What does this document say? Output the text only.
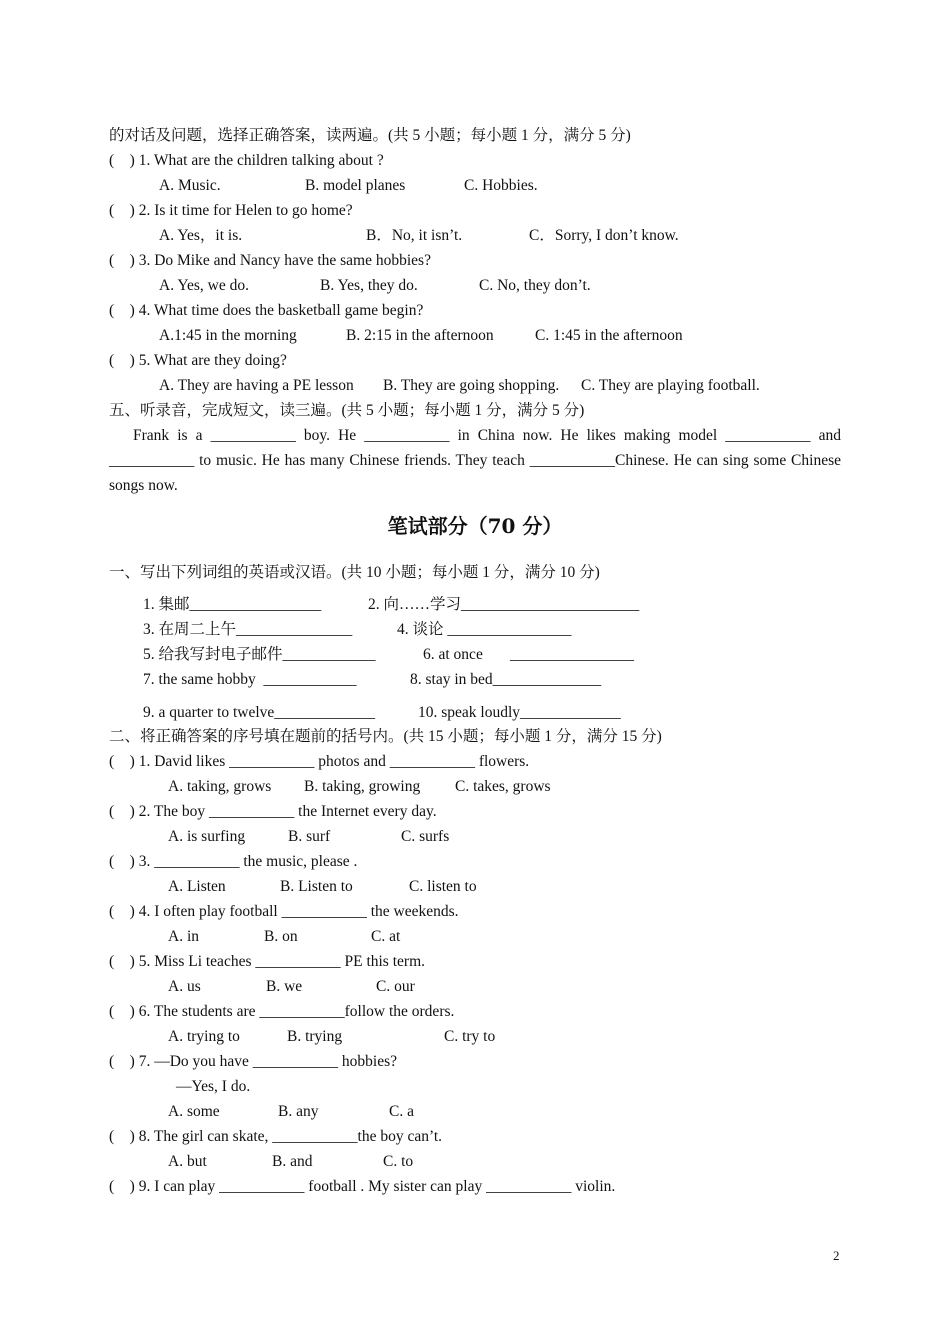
的对话及问题，选择正确答案，读两遍。(共 5 小题；每小题 1 分，满分 5 分)
(    ) 1. What are the children talking about ?
A. Music.	B. model planes	C. Hobbies.
(    ) 2. Is it time for Helen to go home?
A. Yes，it is.	B．No, it isn’t.	C．Sorry, I don’t know.
(    ) 3. Do Mike and Nancy have the same hobbies?
A. Yes, we do.	B. Yes, they do.	C. No, they don’t.
(    ) 4. What time does the basketball game begin?
A.1:45 in the morning	B. 2:15 in the afternoon	C. 1:45 in the afternoon
(    ) 5. What are they doing?
A. They are having a PE lesson B. They are going shopping. C. They are playing football.
五、听录音，完成短文，读三遍。(共 5 小题；每小题 1 分，满分 5 分)
Frank is a ___________ boy. He ___________ in China now. He likes making model ___________ and ___________ to music. He has many Chinese friends. They teach ___________Chinese. He can sing some Chinese songs now.
笔试部分（70 分）
一、写出下列词组的英语或汉语。(共 10 小题；每小题 1 分，满分 10 分)
1. 集邮_________________	2. 向……学习_______________________
3. 在周二上午_______________	4. 谈论 ________________
5. 给我写封电子邮件____________	6. at once       ________________
7. the same hobby  ____________	8. stay in bed______________
9. a quarter to twelve_____________	10. speak loudly_____________
二、将正确答案的序号填在题前的括号内。(共 15 小题；每小题 1 分，满分 15 分)
(    ) 1. David likes ___________ photos and ___________ flowers.
A. taking, grows B. taking, growing C. takes, grows
(    ) 2. The boy ___________ the Internet every day.
A. is surfing	B. surf	C. surfs
(    ) 3. ___________ the music, please .
A. Listen	B. Listen to	C. listen to
(    ) 4. I often play football ___________ the weekends.
A. in	B. on	C. at
(    ) 5. Miss Li teaches ___________ PE this term.
A. us	B. we	C. our
(    ) 6. The students are ___________follow the orders.
A. trying to	B. trying	C. try to
(    ) 7. —Do you have ___________ hobbies?
—Yes, I do.
A. some	B. any	C. a
(    ) 8. The girl can skate, ___________the boy can’t.
A. but	B. and	C. to
(    ) 9. I can play ___________ football . My sister can play ___________ violin.
2
